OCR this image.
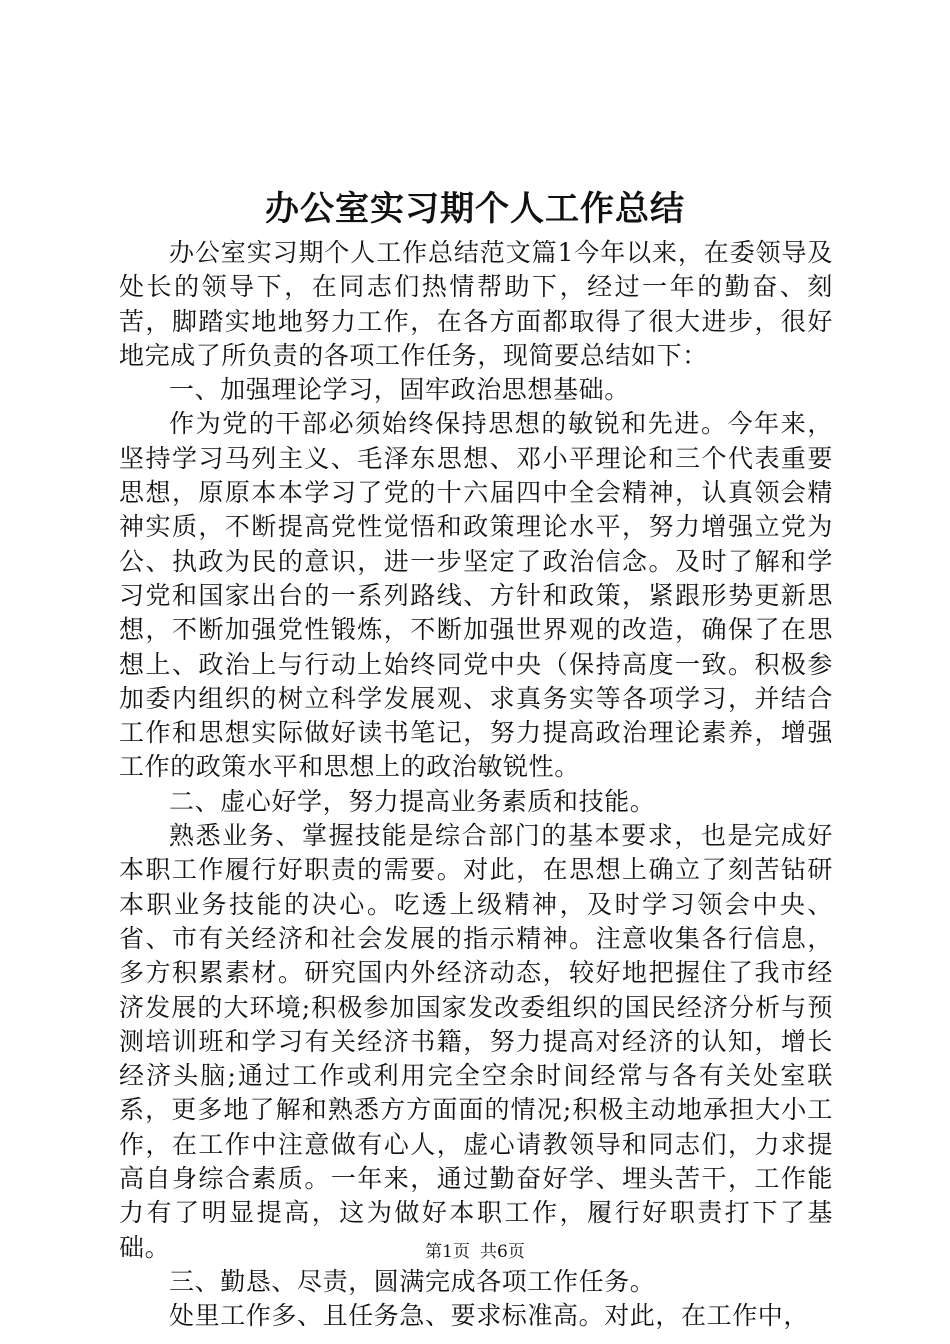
办公室实习期个人工作总结

办公室实习期个人工作总结范文篇1今年以来，在委领导及处长的领导下，在同志们热情帮助下，经过一年的勤奋、刻苦，脚踏实地地努力工作，在各方面都取得了很大进步，很好地完成了所负责的各项工作任务，现简要总结如下：

一、加强理论学习，固牢政治思想基础。

作为党的干部必须始终保持思想的敏锐和先进。今年来，坚持学习马列主义、毛泽东思想、邓小平理论和三个代表重要思想，原原本本学习了党的十六届四中全会精神，认真领会精神实质，不断提高党性觉悟和政策理论水平，努力增强立党为公、执政为民的意识，进一步坚定了政治信念。及时了解和学习党和国家出台的一系列路线、方针和政策，紧跟形势更新思想，不断加强党性锻炼，不断加强世界观的改造，确保了在思想上、政治上与行动上始终同党中央（保持高度一致。积极参加委内组织的树立科学发展观、求真务实等各项学习，并结合工作和思想实际做好读书笔记，努力提高政治理论素养，增强工作的政策水平和思想上的政治敏锐性。

二、虚心好学，努力提高业务素质和技能。

熟悉业务、掌握技能是综合部门的基本要求，也是完成好本职工作履行好职责的需要。对此，在思想上确立了刻苦钻研本职业务技能的决心。吃透上级精神，及时学习领会中央、省、市有关经济和社会发展的指示精神。注意收集各行信息，多方积累素材。研究国内外经济动态，较好地把握住了我市经济发展的大环境;积极参加国家发改委组织的国民经济分析与预测培训班和学习有关经济书籍，努力提高对经济的认知，增长经济头脑;通过工作或利用完全空余时间经常与各有关处室联系，更多地了解和熟悉方方面面的情况;积极主动地承担大小工作，在工作中注意做有心人，虚心请教领导和同志们，力求提高自身综合素质。一年来，通过勤奋好学、埋头苦干，工作能力有了明显提高，这为做好本职工作，履行好职责打下了基础。

三、勤恳、尽责，圆满完成各项工作任务。

处里工作多、且任务急、要求标准高。对此，在工作中，

第1页 共6页
